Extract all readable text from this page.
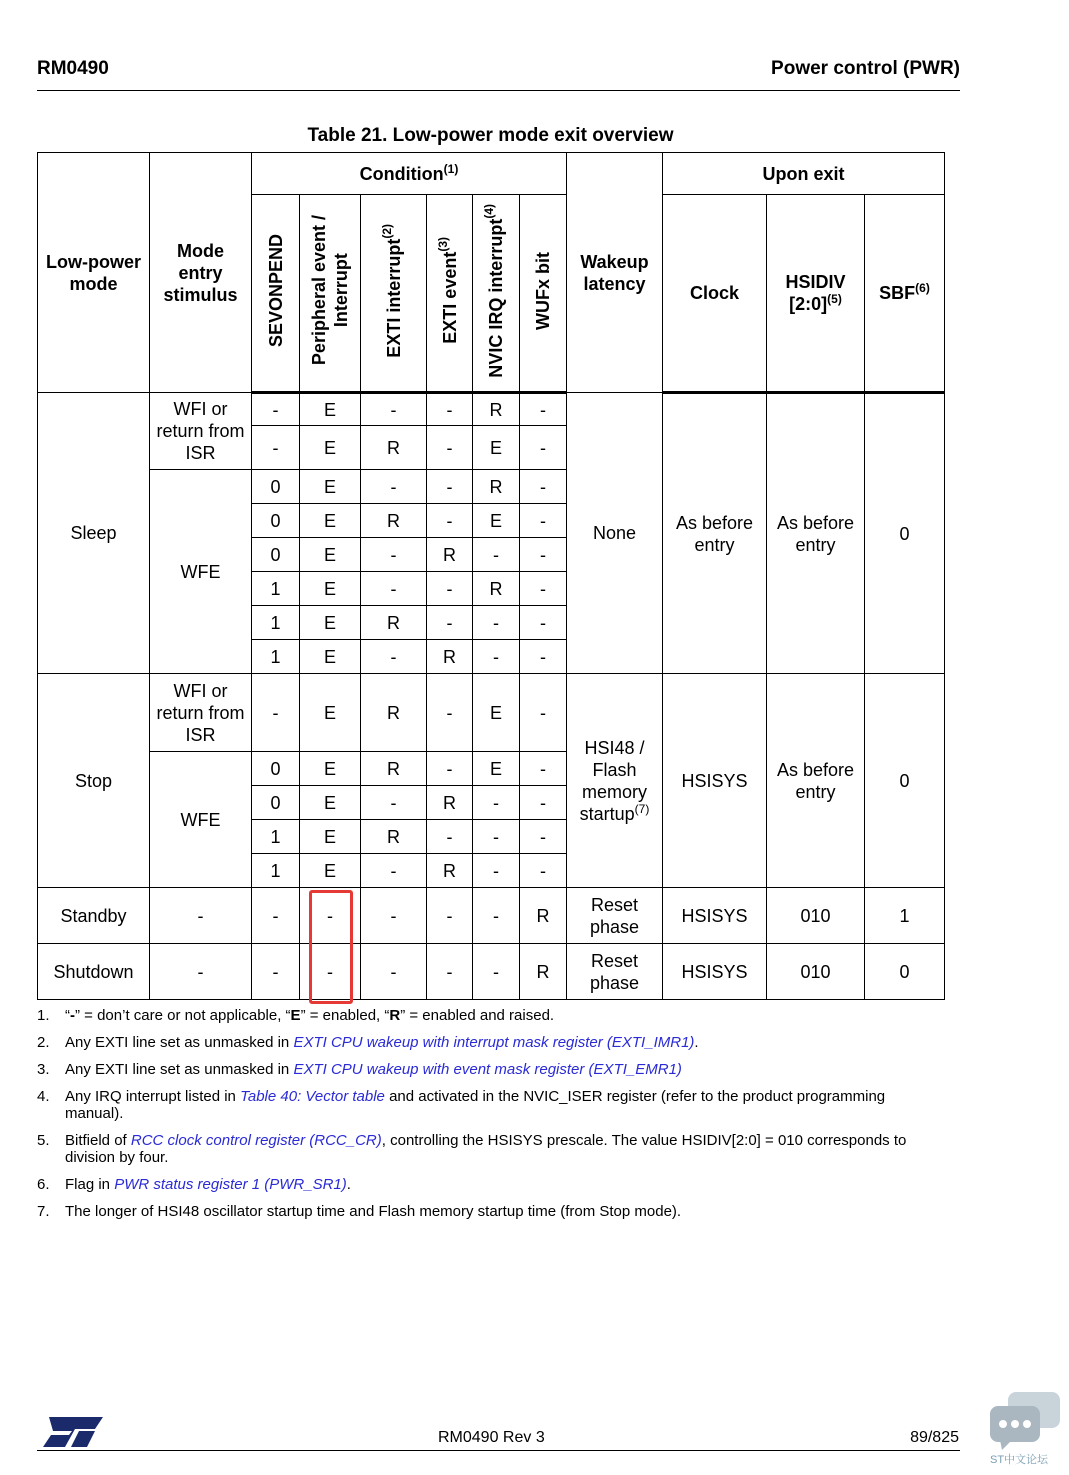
RM0490	Power control (PWR)
Table 21. Low-power mode exit overview
Low-power mode	Mode entry stimulus	Condition$^{(1)}$						Wakeup latency	Upon exit		
		SEVONPEND	Peripheral event / Interrupt	EXTI interrupt$^{(2)}$	EXTI event$^{(3)}$	NVIC IRQ interrupt$^{(4)}$	WUFx bit		Clock	HSIDIV [2:0]$^{(5)}$	SBF$^{(6)}$
Sleep	WFI or return from ISR	-	E	-	-	R	-	None	As before entry	As before entry	0
		-	E	R	-	E	-				
	WFE	0	E	-	-	R	-				
		0	E	R	-	E	-				
		0	E	-	R	-	-				
		1	E	-	-	R	-				
		1	E	R	-	-	-				
		1	E	-	R	-	-				
Stop	WFI or return from ISR	-	E	R	-	E	-	HSI48 / Flash memory startup$^{(7)}$	HSISYS	As before entry	0
	WFE	0	E	R	-	E	-				
		0	E	-	R	-	-				
		1	E	R	-	-	-				
		1	E	-	R	-	-				
Standby	-	-	-	-	-	-	R	Reset phase	HSISYS	010	1
Shutdown	-	-	-	-	-	-	R	Reset phase	HSISYS	010	0
1. “-” = don’t care or not applicable, “E” = enabled, “R” = enabled and raised.
2. Any EXTI line set as unmasked in EXTI CPU wakeup with interrupt mask register (EXTI_IMR1).
3. Any EXTI line set as unmasked in EXTI CPU wakeup with event mask register (EXTI_EMR1)
4. Any IRQ interrupt listed in Table 40: Vector table and activated in the NVIC_ISER register (refer to the product programming manual).
5. Bitfield of RCC clock control register (RCC_CR), controlling the HSISYS prescale. The value HSIDIV[2:0] = 010 corresponds to division by four.
6. Flag in PWR status register 1 (PWR_SR1).
7. The longer of HSI48 oscillator startup time and Flash memory startup time (from Stop mode).
RM0490 Rev 3	89/825
ST中文论坛
